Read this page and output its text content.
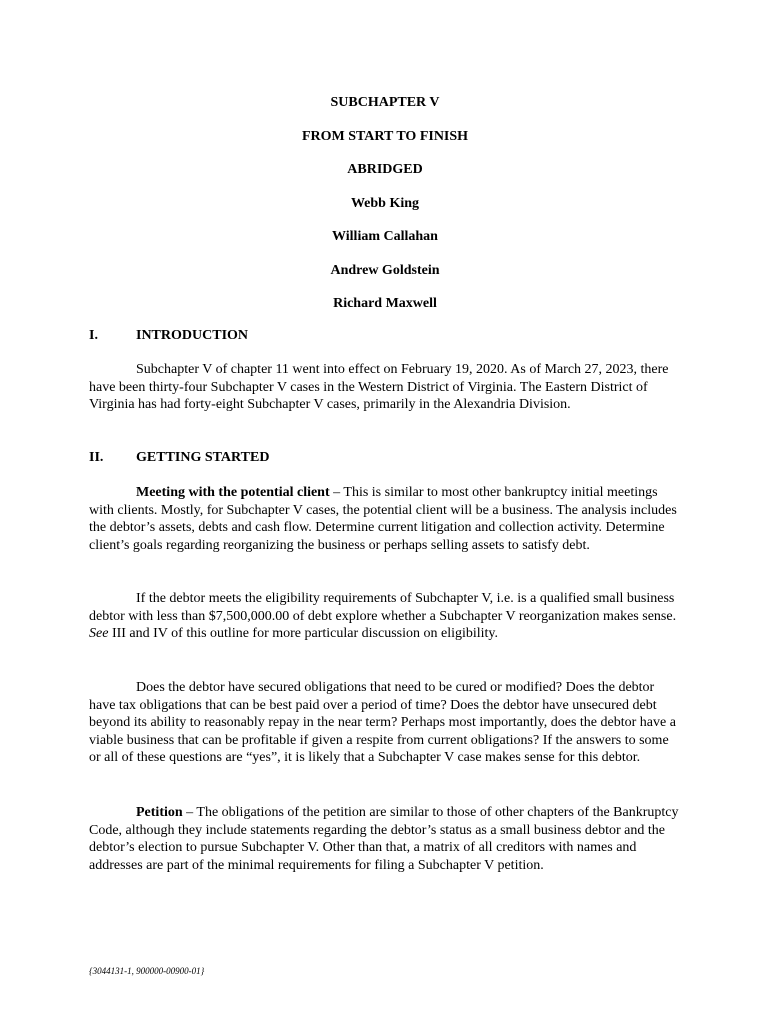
SUBCHAPTER V
FROM START TO FINISH
ABRIDGED
Webb King
William Callahan
Andrew Goldstein
Richard Maxwell
I.	INTRODUCTION
Subchapter V of chapter 11 went into effect on February 19, 2020. As of March 27, 2023, there have been thirty-four Subchapter V cases in the Western District of Virginia. The Eastern District of Virginia has had forty-eight Subchapter V cases, primarily in the Alexandria Division.
II. GETTING STARTED
Meeting with the potential client – This is similar to most other bankruptcy initial meetings with clients. Mostly, for Subchapter V cases, the potential client will be a business. The analysis includes the debtor’s assets, debts and cash flow. Determine current litigation and collection activity. Determine client’s goals regarding reorganizing the business or perhaps selling assets to satisfy debt.
If the debtor meets the eligibility requirements of Subchapter V, i.e. is a qualified small business debtor with less than $7,500,000.00 of debt explore whether a Subchapter V reorganization makes sense. See III and IV of this outline for more particular discussion on eligibility.
Does the debtor have secured obligations that need to be cured or modified? Does the debtor have tax obligations that can be best paid over a period of time? Does the debtor have unsecured debt beyond its ability to reasonably repay in the near term? Perhaps most importantly, does the debtor have a viable business that can be profitable if given a respite from current obligations? If the answers to some or all of these questions are “yes”, it is likely that a Subchapter V case makes sense for this debtor.
Petition – The obligations of the petition are similar to those of other chapters of the Bankruptcy Code, although they include statements regarding the debtor’s status as a small business debtor and the debtor’s election to pursue Subchapter V. Other than that, a matrix of all creditors with names and addresses are part of the minimal requirements for filing a Subchapter V petition.
{3044131-1, 900000-00900-01}
